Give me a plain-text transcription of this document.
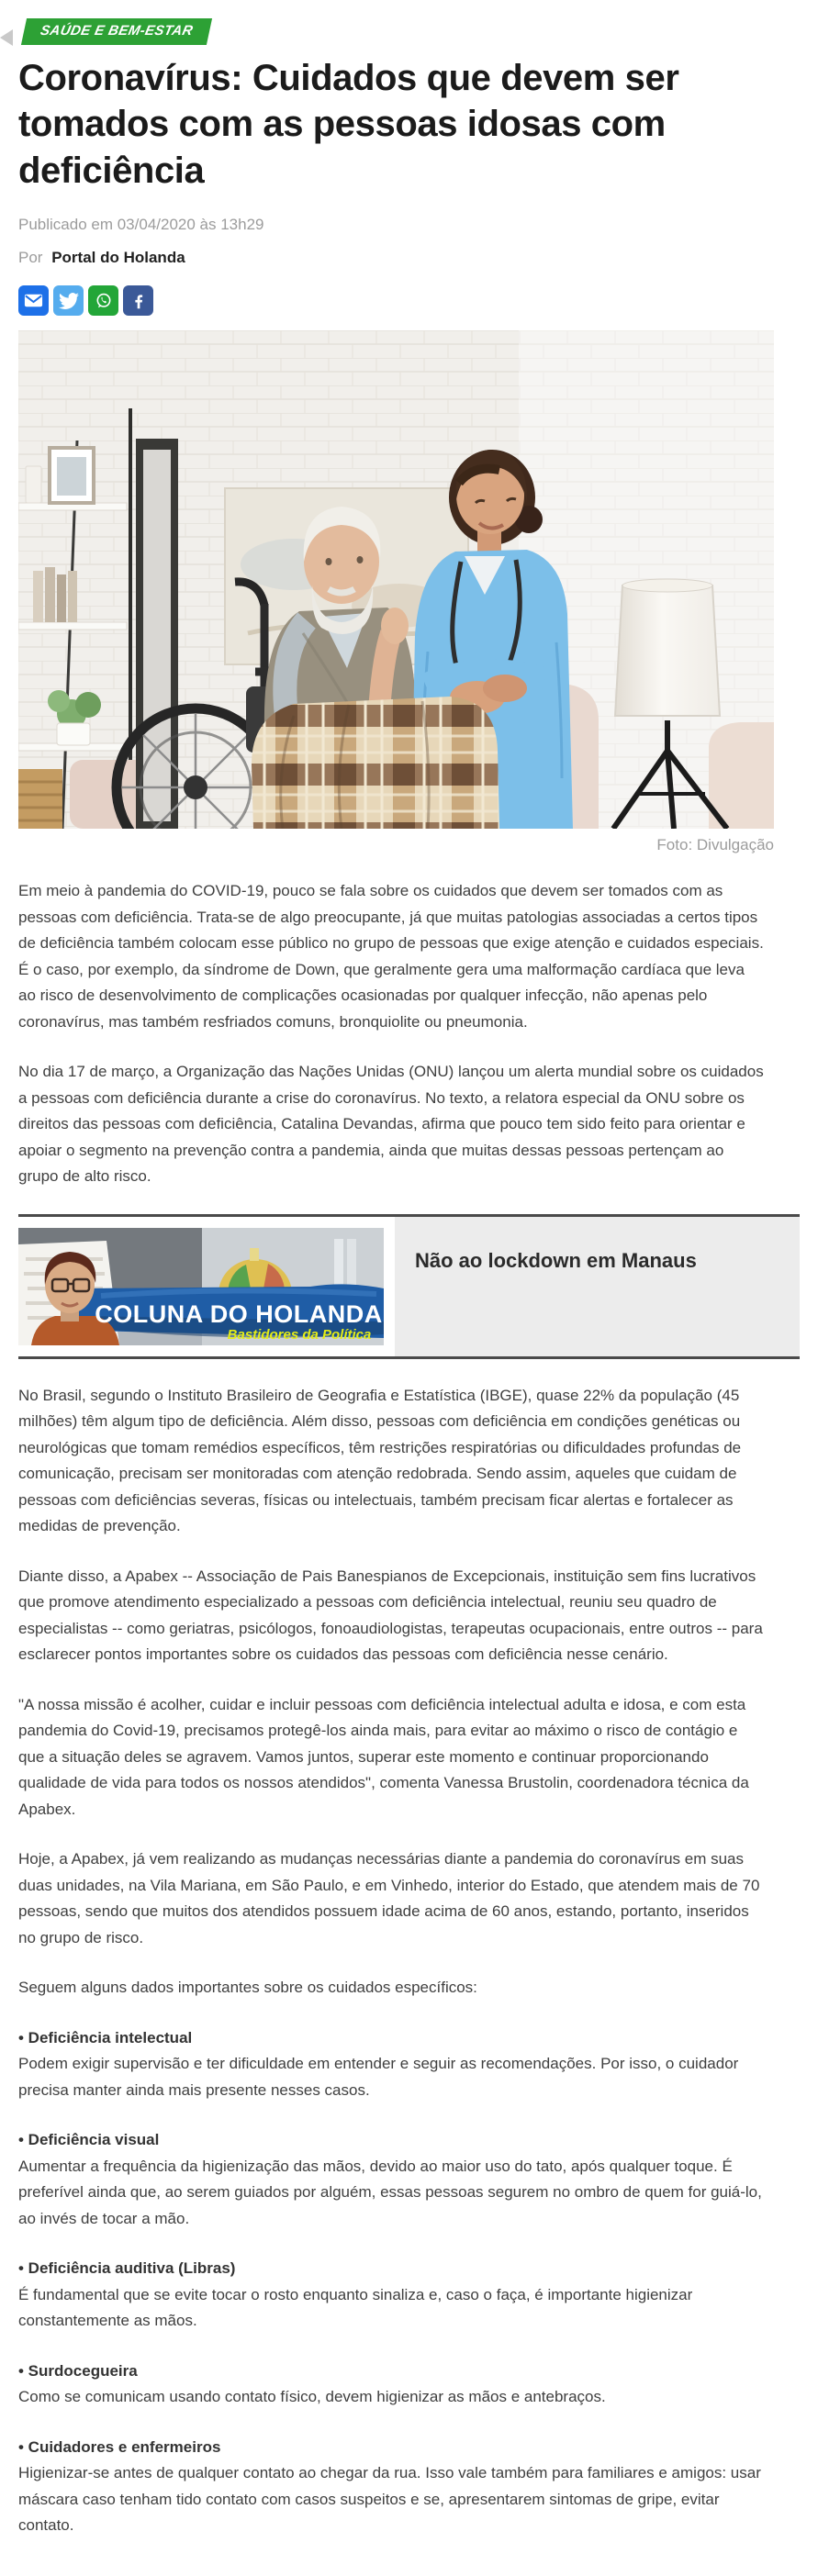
SAÚDE E BEM-ESTAR
Coronavírus: Cuidados que devem ser tomados com as pessoas idosas com deficiência
Publicado em 03/04/2020 às 13h29
Por Portal do Holanda
Foto: Divulgação

Em meio à pandemia do COVID-19, pouco se fala sobre os cuidados que devem ser tomados com as pessoas com deficiência. Trata-se de algo preocupante, já que muitas patologias associadas a certos tipos de deficiência também colocam esse público no grupo de pessoas que exige atenção e cuidados especiais. É o caso, por exemplo, da síndrome de Down, que geralmente gera uma malformação cardíaca que leva ao risco de desenvolvimento de complicações ocasionadas por qualquer infecção, não apenas pelo coronavírus, mas também resfriados comuns, bronquiolite ou pneumonia.

No dia 17 de março, a Organização das Nações Unidas (ONU) lançou um alerta mundial sobre os cuidados a pessoas com deficiência durante a crise do coronavírus. No texto, a relatora especial da ONU sobre os direitos das pessoas com deficiência, Catalina Devandas, afirma que pouco tem sido feito para orientar e apoiar o segmento na prevenção contra a pandemia, ainda que muitas dessas pessoas pertençam ao grupo de alto risco.

COLUNA DO HOLANDA
Bastidores da Política
Não ao lockdown em Manaus

No Brasil, segundo o Instituto Brasileiro de Geografia e Estatística (IBGE), quase 22% da população (45 milhões) têm algum tipo de deficiência. Além disso, pessoas com deficiência em condições genéticas ou neurológicas que tomam remédios específicos, têm restrições respiratórias ou dificuldades profundas de comunicação, precisam ser monitoradas com atenção redobrada. Sendo assim, aqueles que cuidam de pessoas com deficiências severas, físicas ou intelectuais, também precisam ficar alertas e fortalecer as medidas de prevenção.

Diante disso, a Apabex -- Associação de Pais Banespianos de Excepcionais, instituição sem fins lucrativos que promove atendimento especializado a pessoas com deficiência intelectual, reuniu seu quadro de especialistas -- como geriatras, psicólogos, fonoaudiologistas, terapeutas ocupacionais, entre outros -- para esclarecer pontos importantes sobre os cuidados das pessoas com deficiência nesse cenário.

"A nossa missão é acolher, cuidar e incluir pessoas com deficiência intelectual adulta e idosa, e com esta pandemia do Covid-19, precisamos protegê-los ainda mais, para evitar ao máximo o risco de contágio e que a situação deles se agravem. Vamos juntos, superar este momento e continuar proporcionando qualidade de vida para todos os nossos atendidos", comenta Vanessa Brustolin, coordenadora técnica da Apabex.

Hoje, a Apabex, já vem realizando as mudanças necessárias diante a pandemia do coronavírus em suas duas unidades, na Vila Mariana, em São Paulo, e em Vinhedo, interior do Estado, que atendem mais de 70 pessoas, sendo que muitos dos atendidos possuem idade acima de 60 anos, estando, portanto, inseridos no grupo de risco.

Seguem alguns dados importantes sobre os cuidados específicos:

• Deficiência intelectual

Podem exigir supervisão e ter dificuldade em entender e seguir as recomendações. Por isso, o cuidador precisa manter ainda mais presente nesses casos.

• Deficiência visual

Aumentar a frequência da higienização das mãos, devido ao maior uso do tato, após qualquer toque. É preferível ainda que, ao serem guiados por alguém, essas pessoas segurem no ombro de quem for guiá-lo, ao invés de tocar a mão.

• Deficiência auditiva (Libras)

É fundamental que se evite tocar o rosto enquanto sinaliza e, caso o faça, é importante higienizar constantemente as mãos.

• Surdocegueira

Como se comunicam usando contato físico, devem higienizar as mãos e antebraços.

• Cuidadores e enfermeiros

Higienizar-se antes de qualquer contato ao chegar da rua. Isso vale também para familiares e amigos: usar máscara caso tenham tido contato com casos suspeitos e se, apresentarem sintomas de gripe, evitar contato.
